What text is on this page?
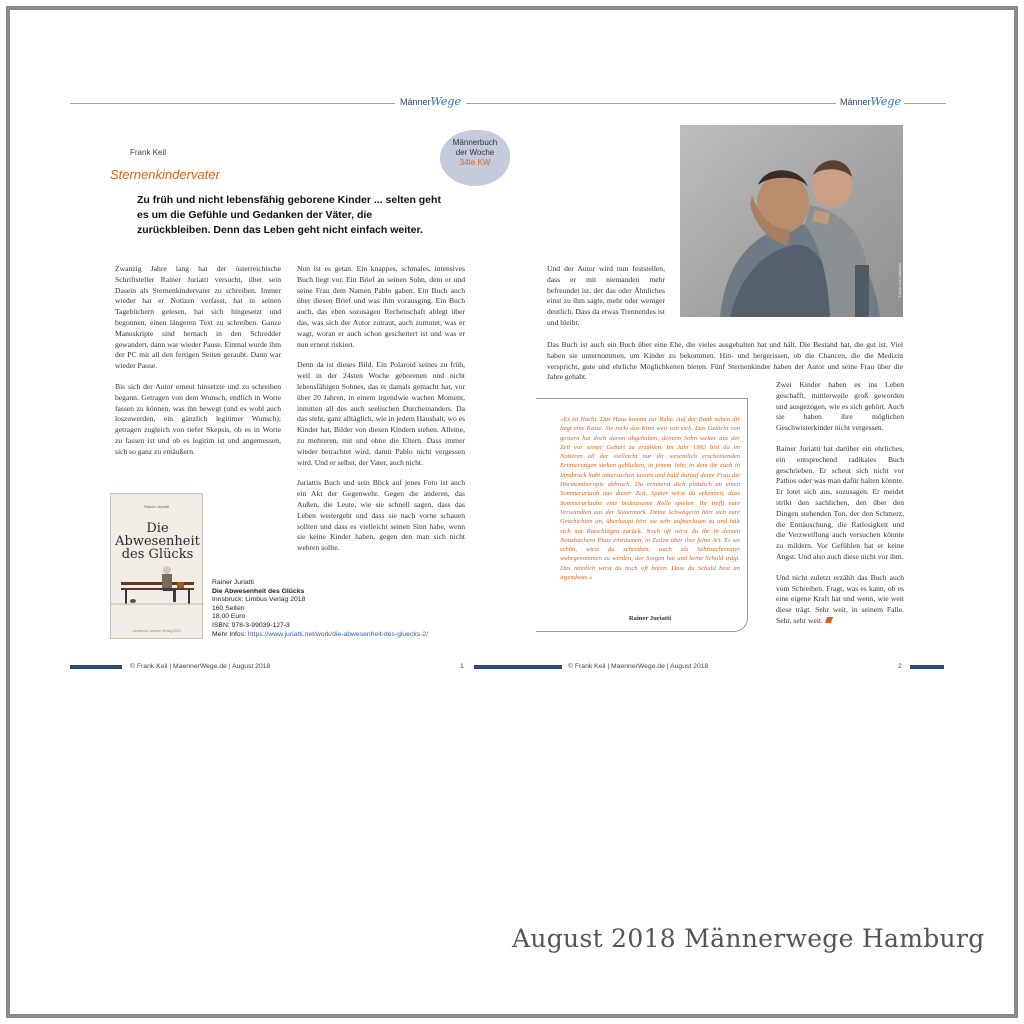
MännerWege	MännerWege
Frank Keil
Sternenkindervater
Männerbuch
der Woche
34te KW
Zu früh und nicht lebensfähig geborene Kinder ... selten geht es um die Gefühle und Gedanken der Väter, die zurückbleiben. Denn das Leben geht nicht einfach weiter.

Zwanzig Jahre lang hat der österreichische Schriftsteller Rainer Juriatti versucht, über sein Dasein als Sternenkindervater zu schreiben. Immer wieder hat er Notizen verfasst, hat in seinen Tagebüchern gelesen, hat sich hingesetzt und begonnen, einen längeren Text zu schreiben. Ganze Manuskripte sind hernach in den Schredder gewandert, dann war wieder Pause. Einmal wurde ihm der PC mit all den fertigen Seiten geraubt. Dann war wieder Pause.

Bis sich der Autor erneut hinsetzte und zu schreiben begann. Getragen von dem Wunsch, endlich in Worte fassen zu können, was ihn bewegt (und es wohl auch loszuwerden, ein gänzlich legitimer Wunsch); getragen zugleich von tiefer Skepsis, ob es in Worte zu fassen ist und ob es legitim ist und angemessen, sich so ganz zu entäußern.

Nun ist es getan. Ein knappes, schmales, intensives Buch liegt vor. Ein Brief an seinen Sohn, dem er und seine Frau dem Namen Pablo gaben. Ein Buch auch über diesen Brief und was ihm vorausging. Ein Buch auch, das eben sozusagen Rechenschaft ablegt über das, was sich der Autor zutraut, auch zumutet; was er wagt, woran er auch schon gescheitert ist und was er nun erneut riskiert.

Denn da ist dieses Bild. Ein Polaroid seines zu früh, weil in der 24sten Woche geborenen und nicht lebensfähigen Sohnes, das er damals gemacht hat, vor über 20 Jahren, in einem irgendwie wachen Moment, inmitten all des auch seelischen Durcheinanders. Da das steht, ganz alltäglich, wie in jedem Haushalt, wo es Kinder hat, Bilder von diesen Kindern stehen. Alleine, zu mehreren, mit und ohne die Eltern. Dass immer wieder betrachtet wird, damit Pablo nicht vergessen wird. Und er selbst, der Vater, auch nicht.

Juriattis Buch und sein Blick auf jenes Foto ist auch ein Akt der Gegenwehr. Gegen die anderen, das Außen, die Leute, wie sie schnell sagen, dass das Leben weitergeht und dass sie nach vorne schauen sollten und dass es vielleicht seinen Sinn habe, wenn sie keine Kinder haben, gegen den man sich nicht wehren sollte.

Rainer Juriatti
Die Abwesenheit des Glücks
Innsbruck: Limbus Verlag 2018
Rainer Juriatti
Die Abwesenheit des Glücks
Innsbruck: Limbus Verlag 2018
160 Seiten
18,00 Euro
ISBN: 978-3-99039-127-3
Mehr Infos: https://www.juriatti.net/work/die-abwesenheit-des-gluecks-2/
Und der Autor wird nun feststellen, dass er mit niemanden mehr befreundet ist, der das oder Ähnliches einst zu ihm sagte, mehr oder weniger deutlich. Dass da etwas Trennendes ist und bleibt.
Fotolia.com | altanaka
Das Buch ist auch ein Buch über eine Ehe, die vieles ausgehalten hat und hält. Die Bestand hat, die gut ist. Viel haben sie unternommen, um Kinder zu bekommen. Hin- und hergerissen, ob die Chancen, die die Medizin verspricht, gute und ehrliche Möglichkeiten bieten. Fünf Sternenkinder haben der Autor und seine Frau über die Jahre gehabt.

Zwei Kinder haben es ins Leben geschafft, mittlerweile groß geworden und ausgezogen, wie es sich gehört. Auch sie haben ihre möglichen Geschwisterkinder nicht vergessen.

Rainer Juriatti hat darüber ein ehrliches, ein entsprechend radikales Buch geschrieben. Er scheut sich nicht vor Pathos oder was man dafür halten könnte. Er lotet sich aus, sozusagen. Er meidet strikt den sachlichen, den über den Dingen stehenden Ton, der den Schmerz, die Enttäuschung, die Ratlosigkeit und die Verzweiflung auch versuchen könnte zu mildern. Vor Gefühlen hat er keine Angst. Und also auch diese nicht vor ihm.

Und nicht zuletzt erzählt das Buch auch vom Schreiben. Fragt, was es kann, ob es eine eigene Kraft hat und wenn, wie weit diese trägt. Sehr weit, in seinem Falle. Sehr, sehr weit.

»Es ist Nacht. Das Haus kommt zur Ruhe. Auf der Bank neben dir liegt eine Katze. Sie reckt das Kinn weit von sich. Das Gedicht von gestern hat doch davon abgehalten, deinem Sohn weiter aus der Zeit vor seiner Geburt zu erzählen. Im Jahr 1992 bist du im Notieren all der vielleicht nur dir wesentlich erscheinenden Erinnerungen stehen geblieben, in jenem Jahr, in dem ihr euch in Innsbruck habt untersuchen lassen und bald darauf deine Frau die Hormontherapie abbrach. Du erinnerst dich plötzlich an einen Sommerurlaub aus dieser Zeit. Später wirst du erkennen, dass Sommerurlaube eine bedeutsame Rolle spielen. Ihr trefft eure Verwandten aus der Steiermark. Deine Schwägerin hört sich eure Geschichten an, überhaupt hört sie sehr aufmerksam zu und hält sich mit Ratschlägen zurück. Noch oft wirst du ihr in deinen Notizbüchern Platz einräumen, in Zeilen über ihre feine Art. Es sei schön, wirst du schreiben, auch als Sehnsuchtsvater wahrgenommen zu werden, der Sorgen hat und keine Schuld trägt. Das nämlich wirst du noch oft hören. Dass du Schuld hast an irgendwas.«
Rainer Juriatti
© Frank Keil | MaennerWege.de | August 2018	1	© Frank Keil | MaennerWege.de | August 2018	2
August 2018 Männerwege Hamburg
